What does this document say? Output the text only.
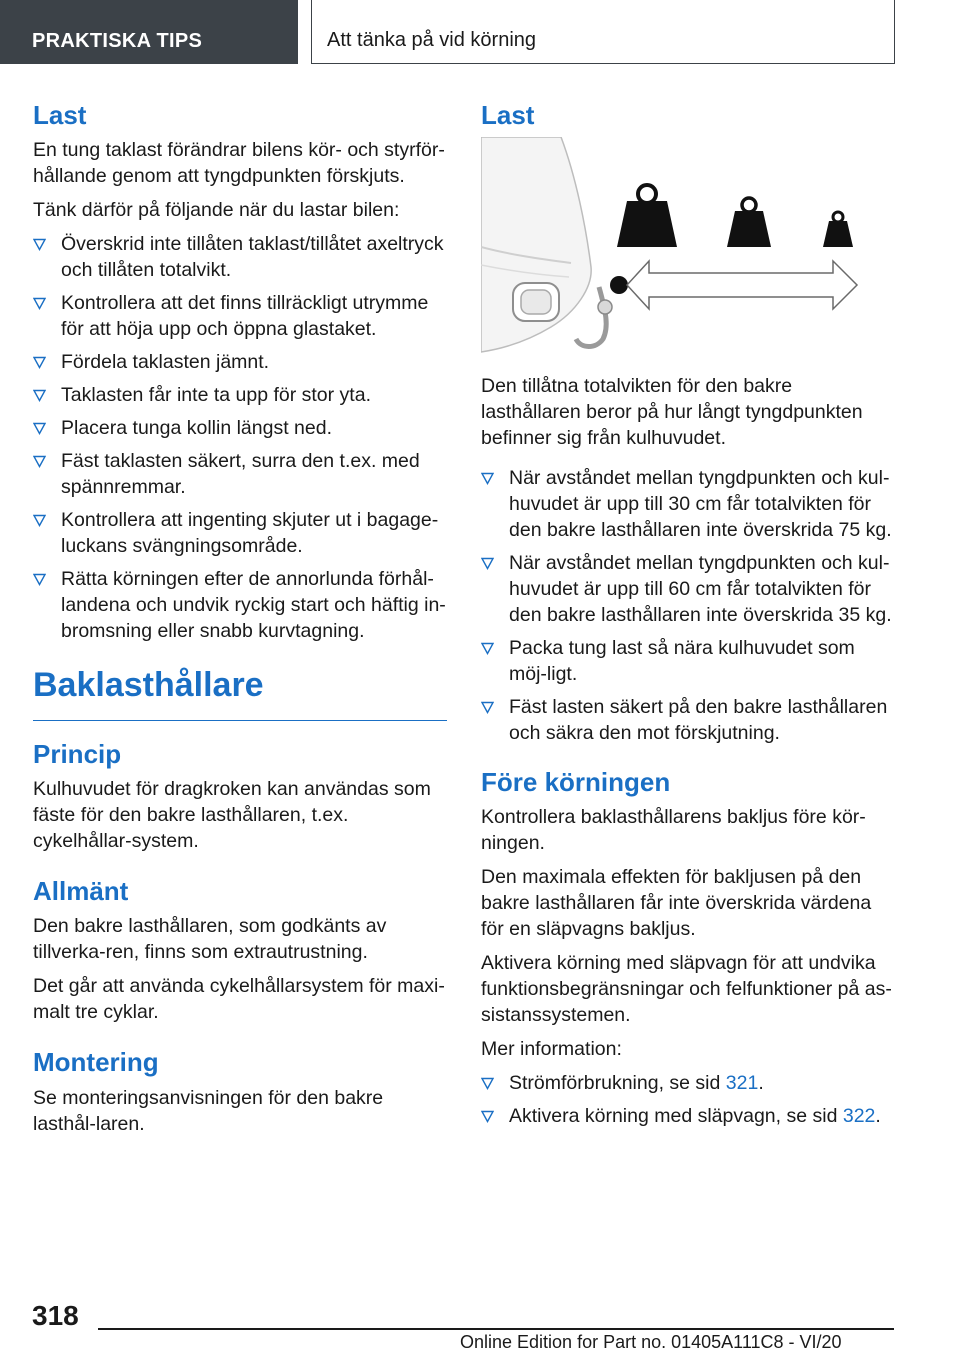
PRAKTISKA TIPS	Att tänka på vid körning
Last

En tung taklast förändrar bilens kör- och styrför-hållande genom att tyngdpunkten förskjuts.

Tänk därför på följande när du lastar bilen:

Överskrid inte tillåten taklast/tillåtet axeltryck och tillåten totalvikt.
Kontrollera att det finns tillräckligt utrymme för att höja upp och öppna glastaket.
Fördela taklasten jämnt.
Taklasten får inte ta upp för stor yta.
Placera tunga kollin längst ned.
Fäst taklasten säkert, surra den t.ex. med spännremmar.
Kontrollera att ingenting skjuter ut i bagage-luckans svängningsområde.
Rätta körningen efter de annorlunda förhål-landena och undvik ryckig start och häftig in-bromsning eller snabb kurvtagning.
Baklasthållare
Princip

Kulhuvudet för dragkroken kan användas som fäste för den bakre lasthållaren, t.ex. cykelhållar-system.

Allmänt

Den bakre lasthållaren, som godkänts av tillverka-ren, finns som extrautrustning.

Det går att använda cykelhållarsystem för maxi-malt tre cyklar.

Montering

Se monteringsanvisningen för den bakre lasthål-laren.

Last

Den tillåtna totalvikten för den bakre lasthållaren beror på hur långt tyngdpunkten befinner sig från kulhuvudet.

När avståndet mellan tyngdpunkten och kul-huvudet är upp till 30 cm får totalvikten för den bakre lasthållaren inte överskrida 75 kg.
När avståndet mellan tyngdpunkten och kul-huvudet är upp till 60 cm får totalvikten för den bakre lasthållaren inte överskrida 35 kg.
Packa tung last så nära kulhuvudet som möj-ligt.
Fäst lasten säkert på den bakre lasthållaren och säkra den mot förskjutning.
Före körningen

Kontrollera baklasthållarens bakljus före kör-ningen.

Den maximala effekten för bakljusen på den bakre lasthållaren får inte överskrida värdena för en släpvagns bakljus.

Aktivera körning med släpvagn för att undvika funktionsbegränsningar och felfunktioner på as-sistanssystemen.

Mer information:

Strömförbrukning, se sid 321.
Aktivera körning med släpvagn, se sid 322.
318
Online Edition for Part no. 01405A111C8 - VI/20
